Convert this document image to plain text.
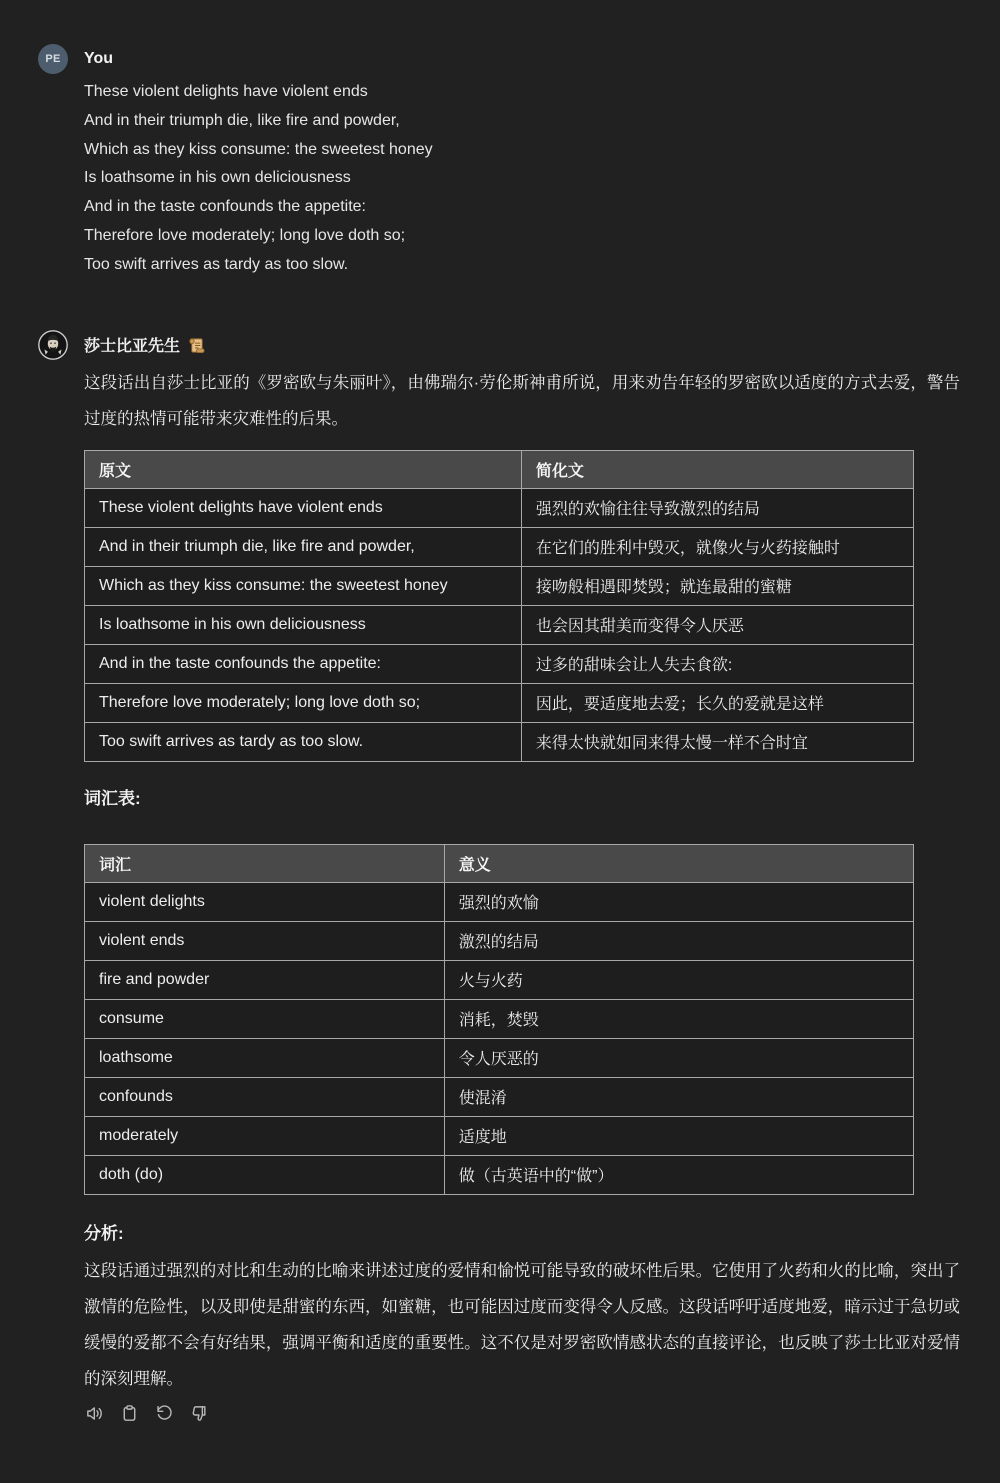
PE You
These violent delights have violent ends
And in their triumph die, like fire and powder,
Which as they kiss consume: the sweetest honey
Is loathsome in his own deliciousness
And in the taste confounds the appetite:
Therefore love moderately; long love doth so;
Too swift arrives as tardy as too slow.
莎士比亚先生

这段话出自莎士比亚的《罗密欧与朱丽叶》，由佛瑞尔·劳伦斯神甫所说，用来劝告年轻的罗密欧以适度的方式去爱，警告过度的热情可能带来灾难性的后果。

原文	简化文
These violent delights have violent ends	强烈的欢愉往往导致激烈的结局
And in their triumph die, like fire and powder,	在它们的胜利中毁灭，就像火与火药接触时
Which as they kiss consume: the sweetest honey	接吻般相遇即焚毁；就连最甜的蜜糖
Is loathsome in his own deliciousness	也会因其甜美而变得令人厌恶
And in the taste confounds the appetite:	过多的甜味会让人失去食欲:
Therefore love moderately; long love doth so;	因此，要适度地去爱；长久的爱就是这样
Too swift arrives as tardy as too slow.	来得太快就如同来得太慢一样不合时宜
词汇表:
词汇	意义
violent delights	强烈的欢愉
violent ends	激烈的结局
fire and powder	火与火药
consume	消耗，焚毁
loathsome	令人厌恶的
confounds	使混淆
moderately	适度地
doth (do)	做（古英语中的“做”）
分析:

这段话通过强烈的对比和生动的比喻来讲述过度的爱情和愉悦可能导致的破坏性后果。它使用了火药和火的比喻，突出了激情的危险性，以及即使是甜蜜的东西，如蜜糖，也可能因过度而变得令人反感。这段话呼吁适度地爱，暗示过于急切或缓慢的爱都不会有好结果，强调平衡和适度的重要性。这不仅是对罗密欧情感状态的直接评论，也反映了莎士比亚对爱情的深刻理解。
